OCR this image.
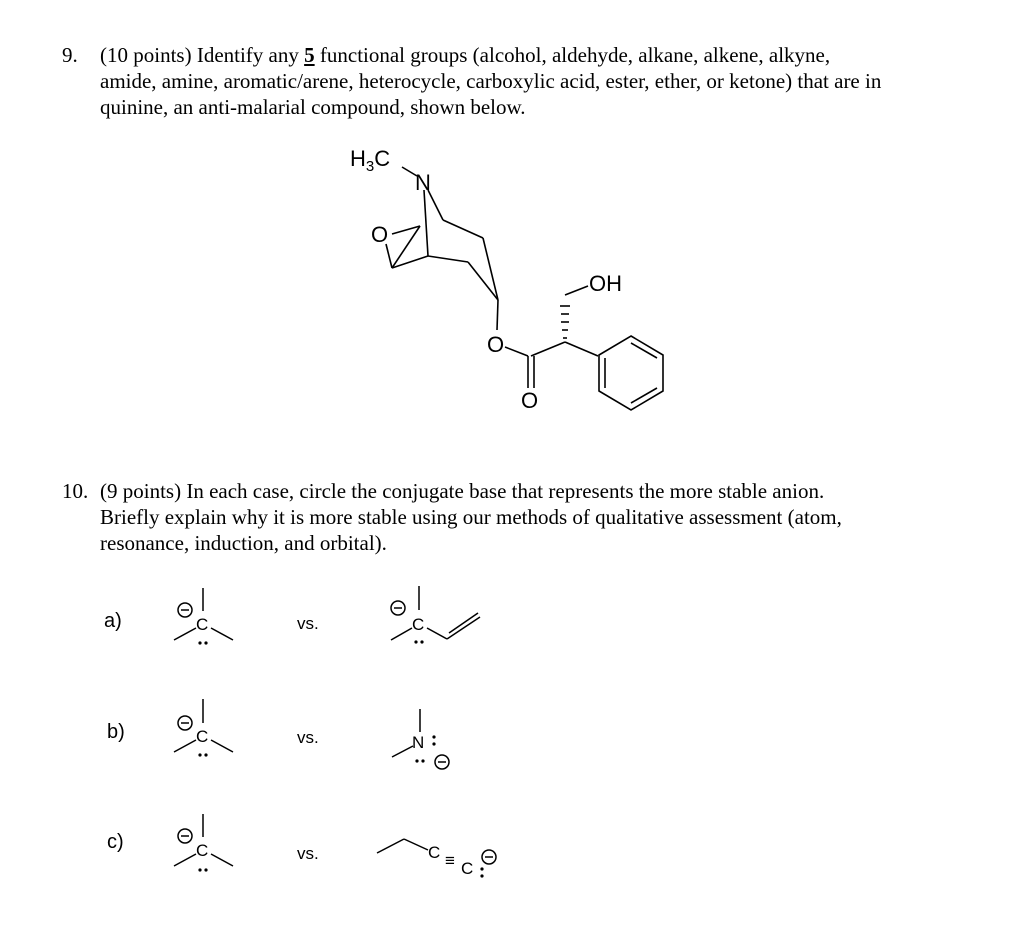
9. (10 points) Identify any 5 functional groups (alcohol, aldehyde, alkane, alkene, alkyne,
amide, amine, aromatic/arene, heterocycle, carboxylic acid, ester, ether, or ketone) that are in
quinine, an anti-malarial compound, shown below.
$H_3C$
N
O
OH
O
O
10. (9 points) In each case, circle the conjugate base that represents the more stable anion.
Briefly explain why it is more stable using our methods of qualitative assessment (atom,
resonance, induction, and orbital).
a)	vs.
b)	vs.
c)
vs.
C	C
C	N
C	C ≡ C
